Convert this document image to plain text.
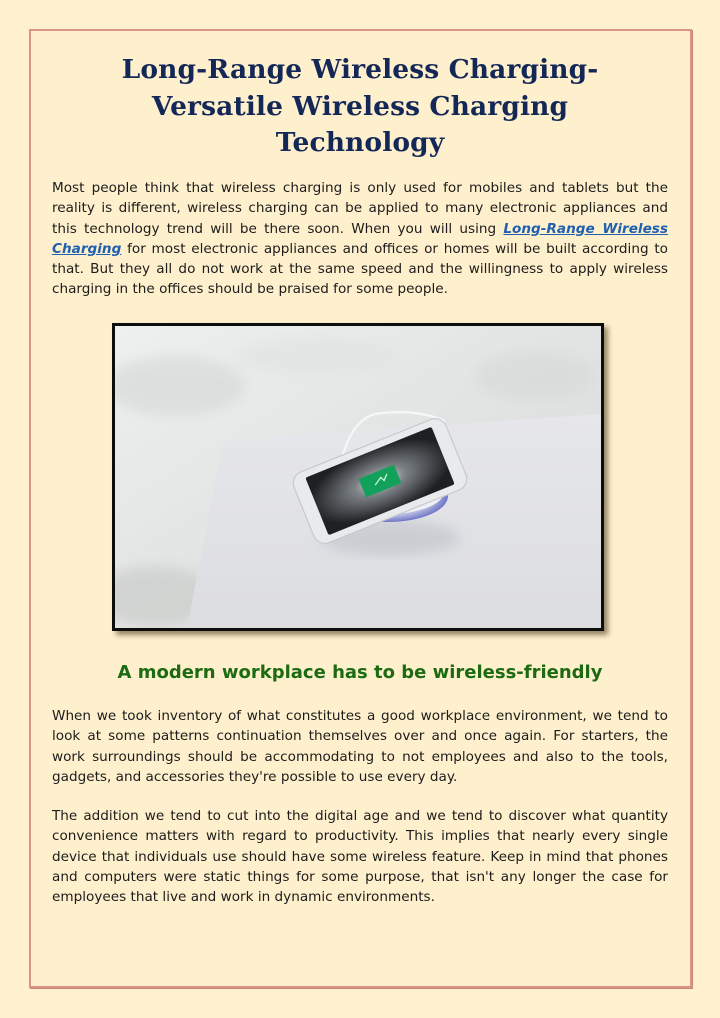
Long-Range Wireless Charging-
Versatile Wireless Charging
Technology

Most people think that wireless charging is only used for mobiles and tablets but the reality is different, wireless charging can be applied to many electronic appliances and this technology trend will be there soon. When you will using Long-Range Wireless Charging for most electronic appliances and offices or homes will be built according to that. But they all do not work at the same speed and the willingness to apply wireless charging in the offices should be praised for some people.

A modern workplace has to be wireless-friendly

When we took inventory of what constitutes a good workplace environment, we tend to look at some patterns continuation themselves over and once again. For starters, the work surroundings should be accommodating to not employees and also to the tools, gadgets, and accessories they're possible to use every day.

The addition we tend to cut into the digital age and we tend to discover what quantity convenience matters with regard to productivity. This implies that nearly every single device that individuals use should have some wireless feature. Keep in mind that phones and computers were static things for some purpose, that isn't any longer the case for employees that live and work in dynamic environments.
